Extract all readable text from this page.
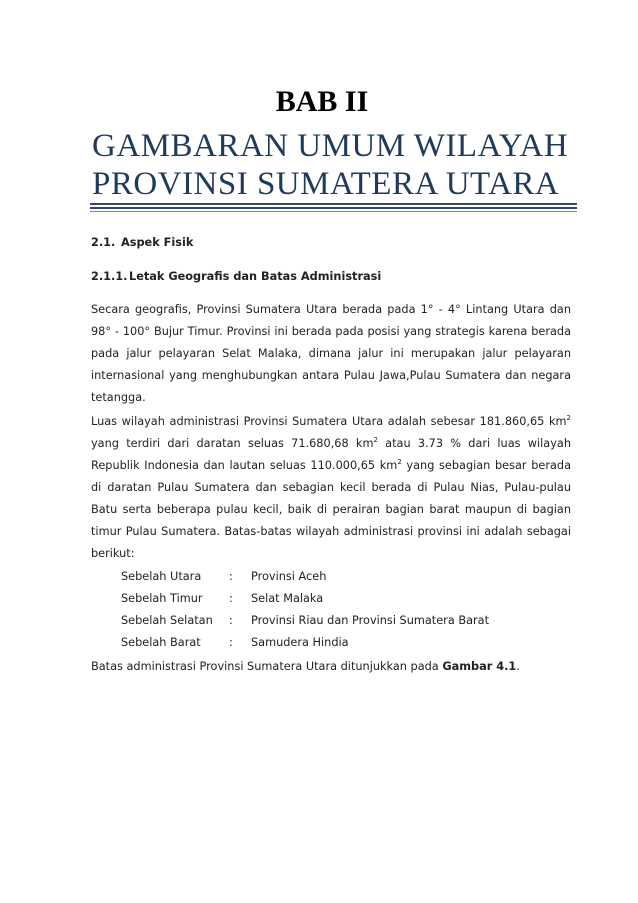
BAB II
GAMBARAN UMUM WILAYAH
PROVINSI SUMATERA UTARA

2.1. Aspek Fisik

2.1.1. Letak Geografis dan Batas Administrasi

Secara geografis, Provinsi Sumatera Utara berada pada 1° - 4° Lintang Utara dan 98° - 100° Bujur Timur. Provinsi ini berada pada posisi yang strategis karena berada pada jalur pelayaran Selat Malaka, dimana jalur ini merupakan jalur pelayaran internasional yang menghubungkan antara Pulau Jawa,Pulau Sumatera dan negara tetangga.

Luas wilayah administrasi Provinsi Sumatera Utara adalah sebesar 181.860,65 $km^2$ yang terdiri dari daratan seluas 71.680,68 $km^2$ atau 3.73 % dari luas wilayah Republik Indonesia dan lautan seluas 110.000,65 $km^2$ yang sebagian besar berada di daratan Pulau Sumatera dan sebagian kecil berada di Pulau Nias, Pulau-pulau Batu serta beberapa pulau kecil, baik di perairan bagian barat maupun di bagian timur Pulau Sumatera. Batas-batas wilayah administrasi provinsi ini adalah sebagai berikut:

Sebelah Utara	:	Provinsi Aceh
Sebelah Timur	:	Selat Malaka
Sebelah Selatan	:	Provinsi Riau dan Provinsi Sumatera Barat
Sebelah Barat	:	Samudera Hindia

Batas administrasi Provinsi Sumatera Utara ditunjukkan pada Gambar 4.1.
